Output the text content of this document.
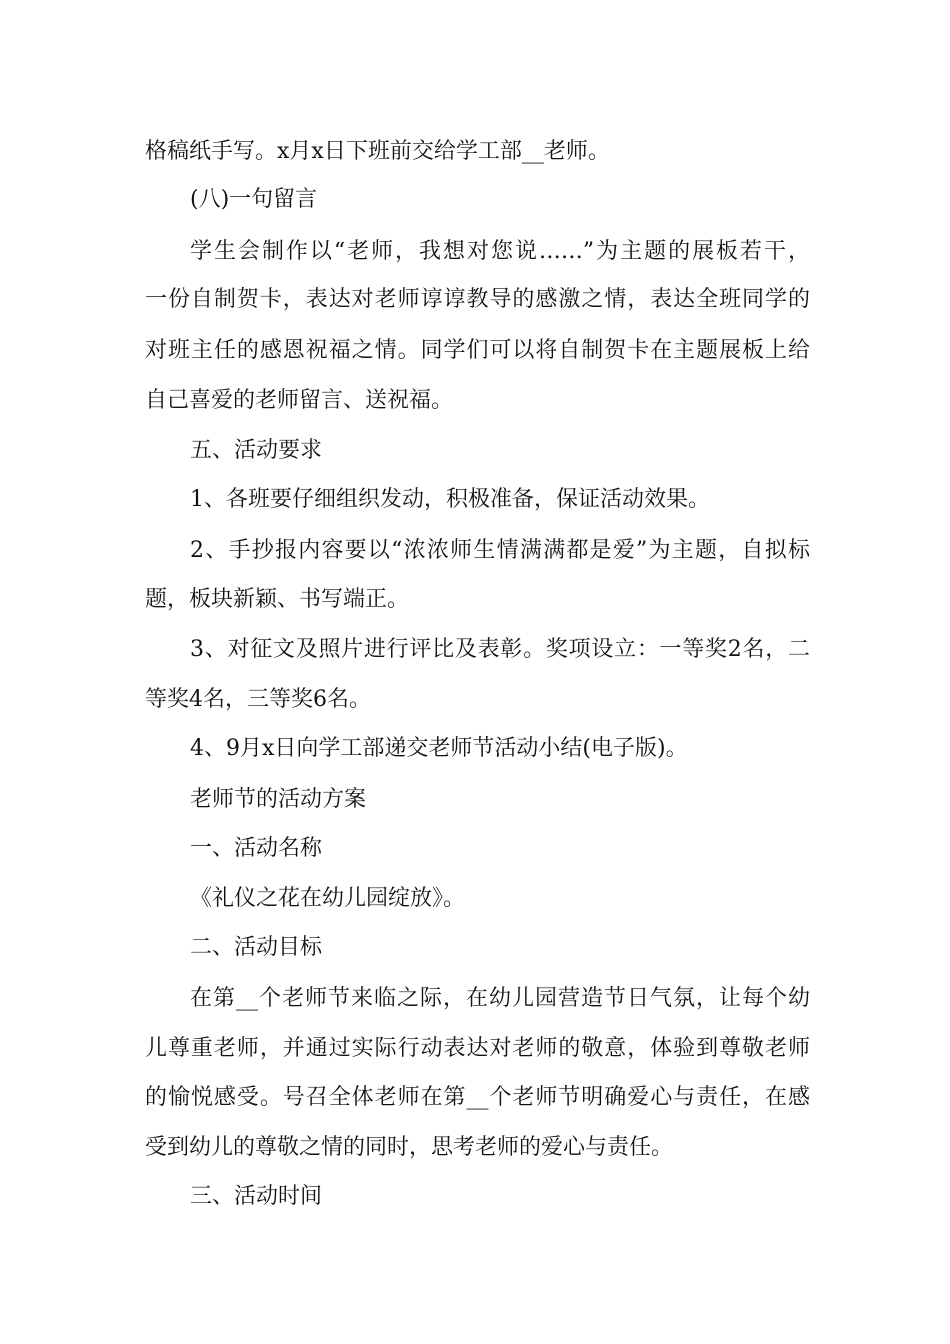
格稿纸手写。x月x日下班前交给学工部__老师。
(八)一句留言
学生会制作以“老师，我想对您说……”为主题的展板若干，
一份自制贺卡，表达对老师谆谆教导的感激之情，表达全班同学的
对班主任的感恩祝福之情。同学们可以将自制贺卡在主题展板上给
自己喜爱的老师留言、送祝福。
五、活动要求
1、各班要仔细组织发动，积极准备，保证活动效果。
2、手抄报内容要以“浓浓师生情满满都是爱”为主题，自拟标
题，板块新颖、书写端正。
3、对征文及照片进行评比及表彰。奖项设立：一等奖2名，二
等奖4名，三等奖6名。
4、9月x日向学工部递交老师节活动小结(电子版)。
老师节的活动方案
一、活动名称
《礼仪之花在幼儿园绽放》。
二、活动目标
在第__个老师节来临之际，在幼儿园营造节日气氛，让每个幼
儿尊重老师，并通过实际行动表达对老师的敬意，体验到尊敬老师
的愉悦感受。号召全体老师在第__个老师节明确爱心与责任，在感
受到幼儿的尊敬之情的同时，思考老师的爱心与责任。
三、活动时间
